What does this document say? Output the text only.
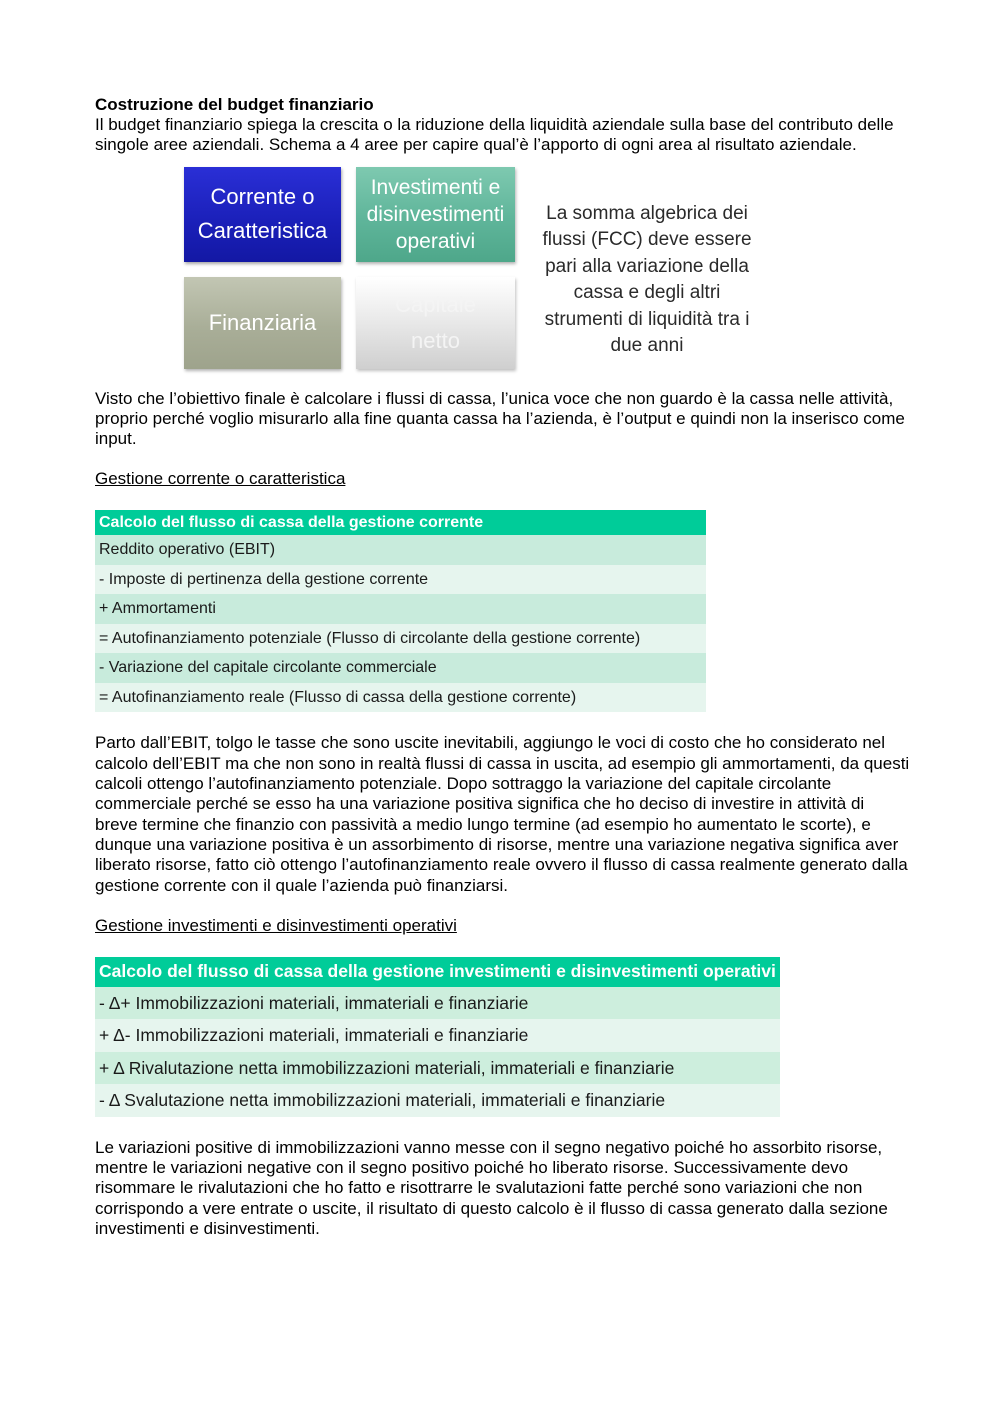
Costruzione del budget finanziario

Il budget finanziario spiega la crescita o la riduzione della liquidità aziendale sulla base del contributo delle singole aree aziendali. Schema a 4 aree per capire qual’è l’apporto di ogni area al risultato aziendale.

Corrente o
Caratteristica
Investimenti e
disinvestimenti
operativi
Finanziaria
Capitale
netto
La somma algebrica dei flussi (FCC) deve essere pari alla variazione della cassa e degli altri strumenti di liquidità tra i due anni

Visto che l’obiettivo finale è calcolare i flussi di cassa, l’unica voce che non guardo è la cassa nelle attività, proprio perché voglio misurarlo alla fine quanta cassa ha l’azienda, è l’output e quindi non la inserisco come input.

Gestione corrente o caratteristica

Calcolo del flusso di cassa della gestione corrente
Reddito operativo (EBIT)
- Imposte di pertinenza della gestione corrente
+ Ammortamenti
= Autofinanziamento potenziale (Flusso di circolante della gestione corrente)
- Variazione del capitale circolante commerciale
= Autofinanziamento reale (Flusso di cassa della gestione corrente)

Parto dall’EBIT, tolgo le tasse che sono uscite inevitabili, aggiungo le voci di costo che ho considerato nel calcolo dell’EBIT ma che non sono in realtà flussi di cassa in uscita, ad esempio gli ammortamenti, da questi calcoli ottengo l’autofinanziamento potenziale. Dopo sottraggo la variazione del capitale circolante commerciale perché se esso ha una variazione positiva significa che ho deciso di investire in attività di breve termine che finanzio con passività a medio lungo termine (ad esempio ho aumentato le scorte), e dunque una variazione positiva è un assorbimento di risorse, mentre una variazione negativa significa aver liberato risorse, fatto ciò ottengo l’autofinanziamento reale ovvero il flusso di cassa realmente generato dalla gestione corrente con il quale l’azienda può finanziarsi.

Gestione investimenti e disinvestimenti operativi

Calcolo del flusso di cassa della gestione investimenti e disinvestimenti operativi
- Δ+ Immobilizzazioni materiali, immateriali e finanziarie
+ Δ- Immobilizzazioni materiali, immateriali e finanziarie
+ Δ Rivalutazione netta immobilizzazioni materiali, immateriali e finanziarie
- Δ Svalutazione netta immobilizzazioni materiali, immateriali e finanziarie

Le variazioni positive di immobilizzazioni vanno messe con il segno negativo poiché ho assorbito risorse, mentre le variazioni negative con il segno positivo poiché ho liberato risorse. Successivamente devo risommare le rivalutazioni che ho fatto e risottrarre le svalutazioni fatte perché sono variazioni che non corrispondo a vere entrate o uscite, il risultato di questo calcolo è il flusso di cassa generato dalla sezione investimenti e disinvestimenti.
